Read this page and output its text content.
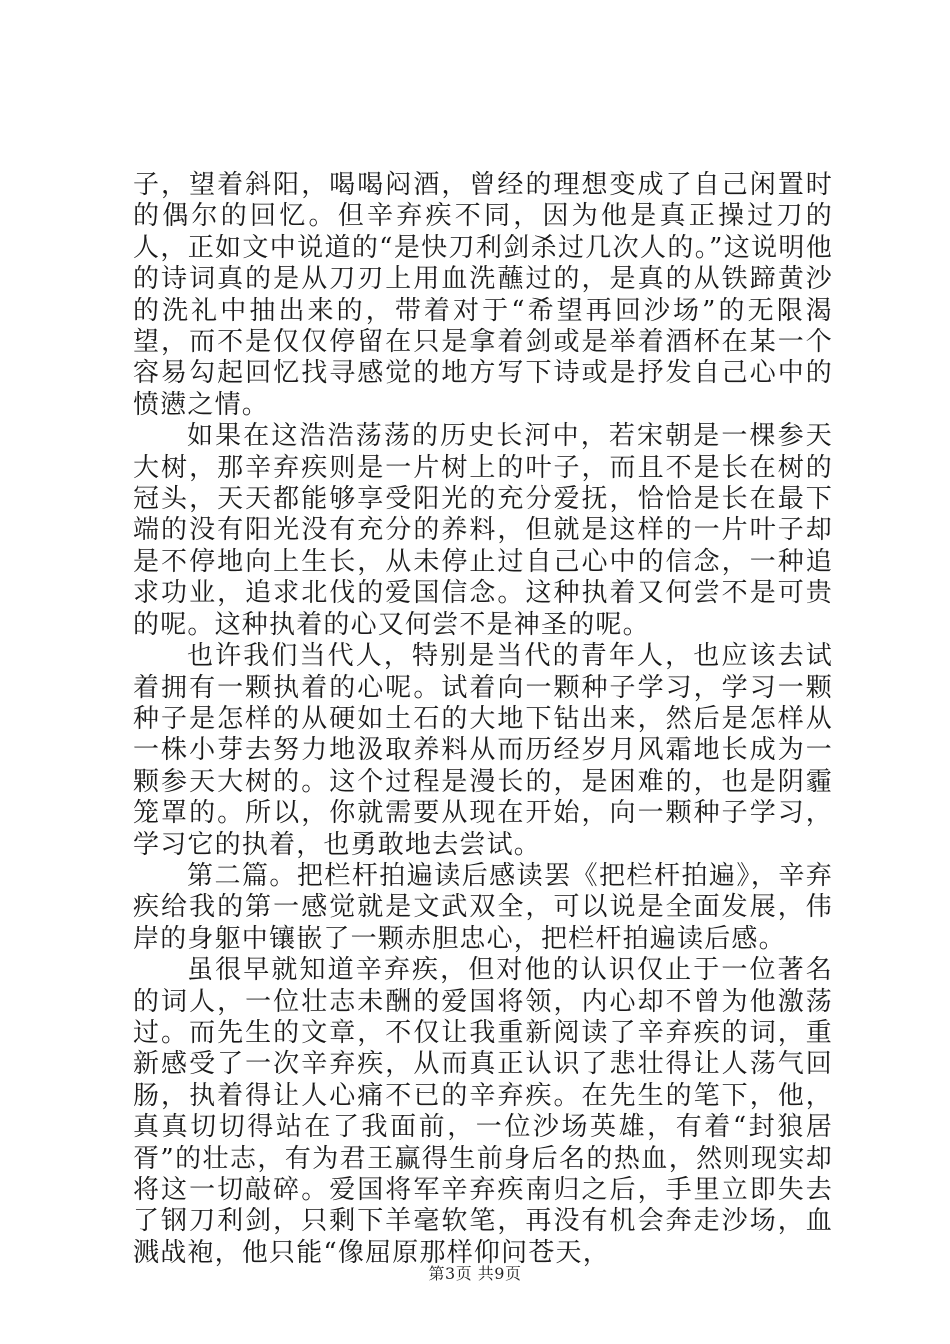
子，望着斜阳，喝喝闷酒，曾经的理想变成了自己闲置时的偶尔的回忆。但辛弃疾不同，因为他是真正操过刀的人，正如文中说道的“是快刀利剑杀过几次人的。”这说明他的诗词真的是从刀刃上用血洗蘸过的，是真的从铁蹄黄沙的洗礼中抽出来的，带着对于“希望再回沙场”的无限渴望，而不是仅仅停留在只是拿着剑或是举着酒杯在某一个容易勾起回忆找寻感觉的地方写下诗或是抒发自己心中的愤懑之情。

如果在这浩浩荡荡的历史长河中，若宋朝是一棵参天大树，那辛弃疾则是一片树上的叶子，而且不是长在树的冠头，天天都能够享受阳光的充分爱抚，恰恰是长在最下端的没有阳光没有充分的养料，但就是这样的一片叶子却是不停地向上生长，从未停止过自己心中的信念，一种追求功业，追求北伐的爱国信念。这种执着又何尝不是可贵的呢。这种执着的心又何尝不是神圣的呢。

也许我们当代人，特别是当代的青年人，也应该去试着拥有一颗执着的心呢。试着向一颗种子学习，学习一颗种子是怎样的从硬如土石的大地下钻出来，然后是怎样从一株小芽去努力地汲取养料从而历经岁月风霜地长成为一颗参天大树的。这个过程是漫长的，是困难的，也是阴霾笼罩的。所以，你就需要从现在开始，向一颗种子学习，学习它的执着，也勇敢地去尝试。

第二篇。把栏杆拍遍读后感读罢《把栏杆拍遍》，辛弃疾给我的第一感觉就是文武双全，可以说是全面发展，伟岸的身躯中镶嵌了一颗赤胆忠心，把栏杆拍遍读后感。

虽很早就知道辛弃疾，但对他的认识仅止于一位著名的词人，一位壮志未酬的爱国将领，内心却不曾为他激荡过。而先生的文章，不仅让我重新阅读了辛弃疾的词，重新感受了一次辛弃疾，从而真正认识了悲壮得让人荡气回肠，执着得让人心痛不已的辛弃疾。在先生的笔下，他，真真切切得站在了我面前，一位沙场英雄，有着“封狼居胥”的壮志，有为君王赢得生前身后名的热血，然则现实却将这一切敲碎。爱国将军辛弃疾南归之后，手里立即失去了钢刀利剑，只剩下羊毫软笔，再没有机会奔走沙场，血溅战袍，他只能“像屈原那样仰问苍天，

第3页 共9页
